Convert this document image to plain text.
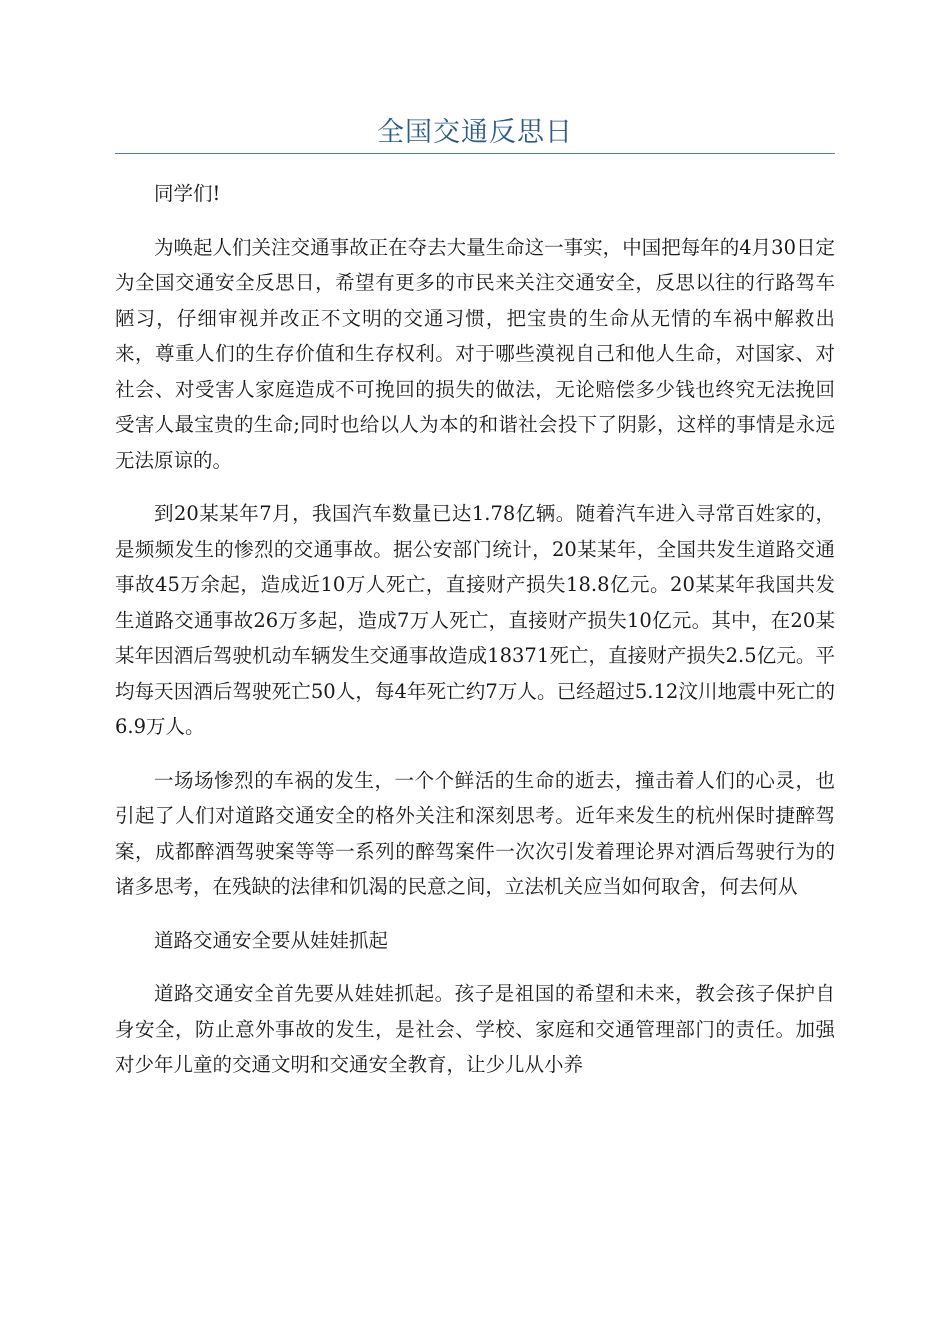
全国交通反思日

同学们!

为唤起人们关注交通事故正在夺去大量生命这一事实，中国把每年的4月30日定为全国交通安全反思日，希望有更多的市民来关注交通安全，反思以往的行路驾车陋习，仔细审视并改正不文明的交通习惯，把宝贵的生命从无情的车祸中解救出来，尊重人们的生存价值和生存权利。对于哪些漠视自己和他人生命，对国家、对社会、对受害人家庭造成不可挽回的损失的做法，无论赔偿多少钱也终究无法挽回受害人最宝贵的生命;同时也给以人为本的和谐社会投下了阴影，这样的事情是永远无法原谅的。

到20某某年7月，我国汽车数量已达1.78亿辆。随着汽车进入寻常百姓家的，是频频发生的惨烈的交通事故。据公安部门统计，20某某年，全国共发生道路交通事故45万余起，造成近10万人死亡，直接财产损失18.8亿元。20某某年我国共发生道路交通事故26万多起，造成7万人死亡，直接财产损失10亿元。其中，在20某某年因酒后驾驶机动车辆发生交通事故造成18371死亡，直接财产损失2.5亿元。平均每天因酒后驾驶死亡50人，每4年死亡约7万人。已经超过5.12汶川地震中死亡的6.9万人。

一场场惨烈的车祸的发生，一个个鲜活的生命的逝去，撞击着人们的心灵，也引起了人们对道路交通安全的格外关注和深刻思考。近年来发生的杭州保时捷醉驾案，成都醉酒驾驶案等等一系列的醉驾案件一次次引发着理论界对酒后驾驶行为的诸多思考，在残缺的法律和饥渴的民意之间，立法机关应当如何取舍，何去何从

道路交通安全要从娃娃抓起

道路交通安全首先要从娃娃抓起。孩子是祖国的希望和未来，教会孩子保护自身安全，防止意外事故的发生，是社会、学校、家庭和交通管理部门的责任。加强对少年儿童的交通文明和交通安全教育，让少儿从小养
